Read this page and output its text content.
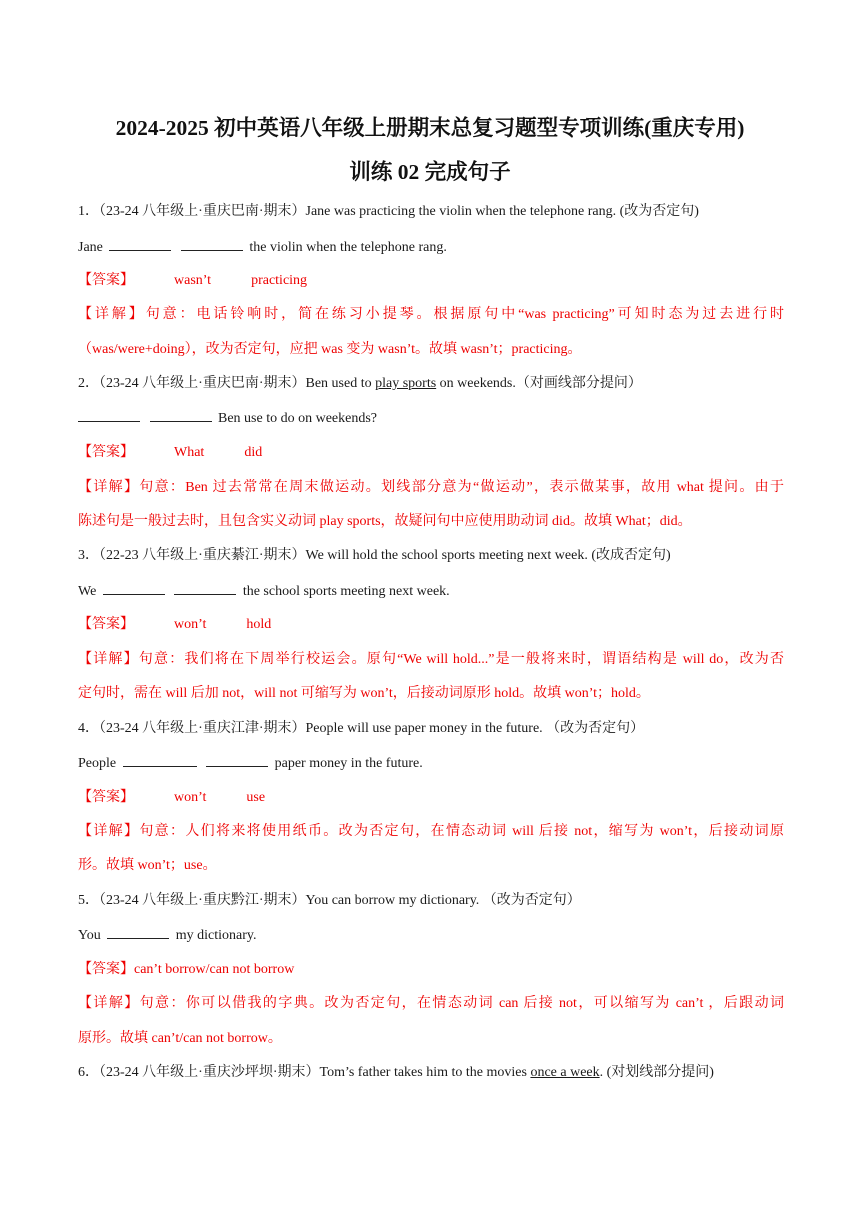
2024-2025 初中英语八年级上册期末总复习题型专项训练(重庆专用)
训练 02 完成句子
1．（23-24 八年级上·重庆巴南·期末）Jane was practicing the violin when the telephone rang. (改为否定句)
Jane	the violin when the telephone rang.
【答案】	wasn’t	practicing
【详解】句意：电话铃响时，简在练习小提琴。根据原句中“was practicing”可知时态为过去进行时
（was/were+doing），改为否定句，应把 was 变为 wasn’t。故填 wasn’t；practicing。
2．（23-24 八年级上·重庆巴南·期末）Ben used to play sports on weekends.（对画线部分提问）
Ben use to do on weekends?
【答案】	What	did
【详解】句意：Ben 过去常常在周末做运动。划线部分意为“做运动”，表示做某事，故用 what 提问。由于
陈述句是一般过去时，且包含实义动词 play sports，故疑问句中应使用助动词 did。故填 What；did。
3．（22-23 八年级上·重庆綦江·期末）We will hold the school sports meeting next week. (改成否定句)
We	the school sports meeting next week.
【答案】	won’t	hold
【详解】句意：我们将在下周举行校运会。原句“We will hold...”是一般将来时，谓语结构是 will do，改为否
定句时，需在 will 后加 not，will not 可缩写为 won’t，后接动词原形 hold。故填 won’t；hold。
4．（23-24 八年级上·重庆江津·期末）People will use paper money in the future. （改为否定句）
People	paper money in the future.
【答案】	won’t	use
【详解】句意：人们将来将使用纸币。改为否定句，在情态动词 will 后接 not，缩写为 won’t，后接动词原
形。故填 won’t；use。
5．（23-24 八年级上·重庆黔江·期末）You can borrow my dictionary. （改为否定句）
You	my dictionary.
【答案】can’t borrow/can not borrow
【详解】句意：你可以借我的字典。改为否定句，在情态动词 can 后接 not，可以缩写为 can’t ，后跟动词
原形。故填 can’t/can not borrow。
6．（23-24 八年级上·重庆沙坪坝·期末）Tom’s father takes him to the movies once a week. (对划线部分提问)
